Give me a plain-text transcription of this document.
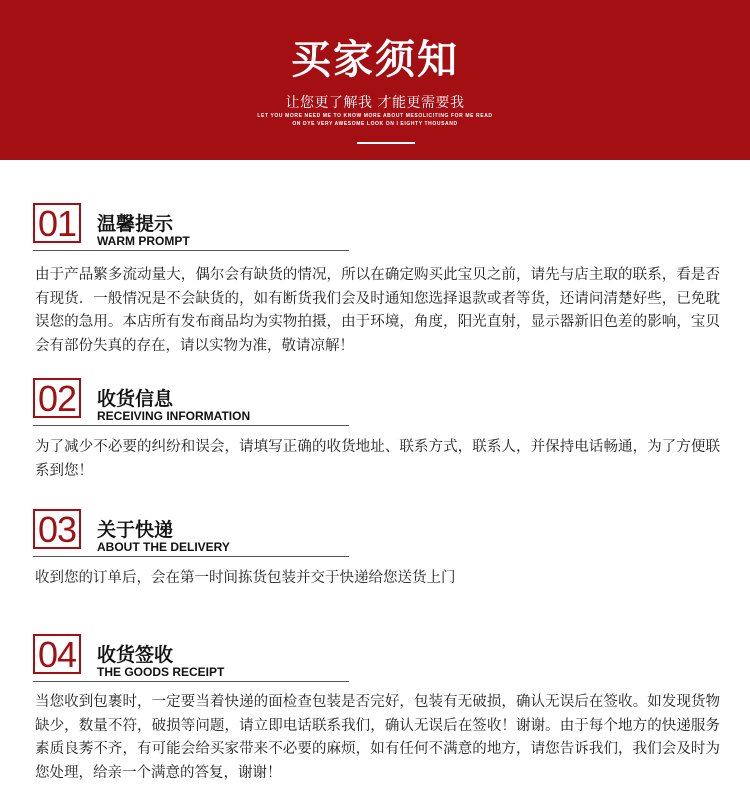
买家须知
让您更了解我 才能更需要我
LET YOU MORE NEED ME TO KNOW MORE ABOUT MESOLICITING FOR ME READ
ON DYE VERY AWESOME LOOK ON I EIGHTY THOUSAND
01 温馨提示
WARM PROMPT
由于产品繁多流动量大，偶尔会有缺货的情况，所以在确定购买此宝贝之前，请先与店主取的联系，看是否有现货．一般情况是不会缺货的，如有断货我们会及时通知您选择退款或者等货，还请问清楚好些，已免耽误您的急用。本店所有发布商品均为实物拍摄，由于环境，角度，阳光直射，显示器新旧色差的影响，宝贝会有部份失真的存在，请以实物为准，敬请凉解！
02 收货信息
RECEIVING INFORMATION
为了减少不必要的纠纷和误会，请填写正确的收货地址、联系方式，联系人，并保持电话畅通，为了方便联系到您！
03 关于快递
ABOUT THE DELIVERY
收到您的订单后，会在第一时间拣货包装并交于快递给您送货上门
04 收货签收
THE GOODS RECEIPT
当您收到包裹时，一定要当着快递的面检查包装是否完好，包装有无破损，确认无误后在签收。如发现货物缺少，数量不符，破损等问题，请立即电话联系我们，确认无误后在签收！谢谢。由于每个地方的快递服务素质良莠不齐，有可能会给买家带来不必要的麻烦，如有任何不满意的地方，请您告诉我们，我们会及时为您处理，给亲一个满意的答复，谢谢！
